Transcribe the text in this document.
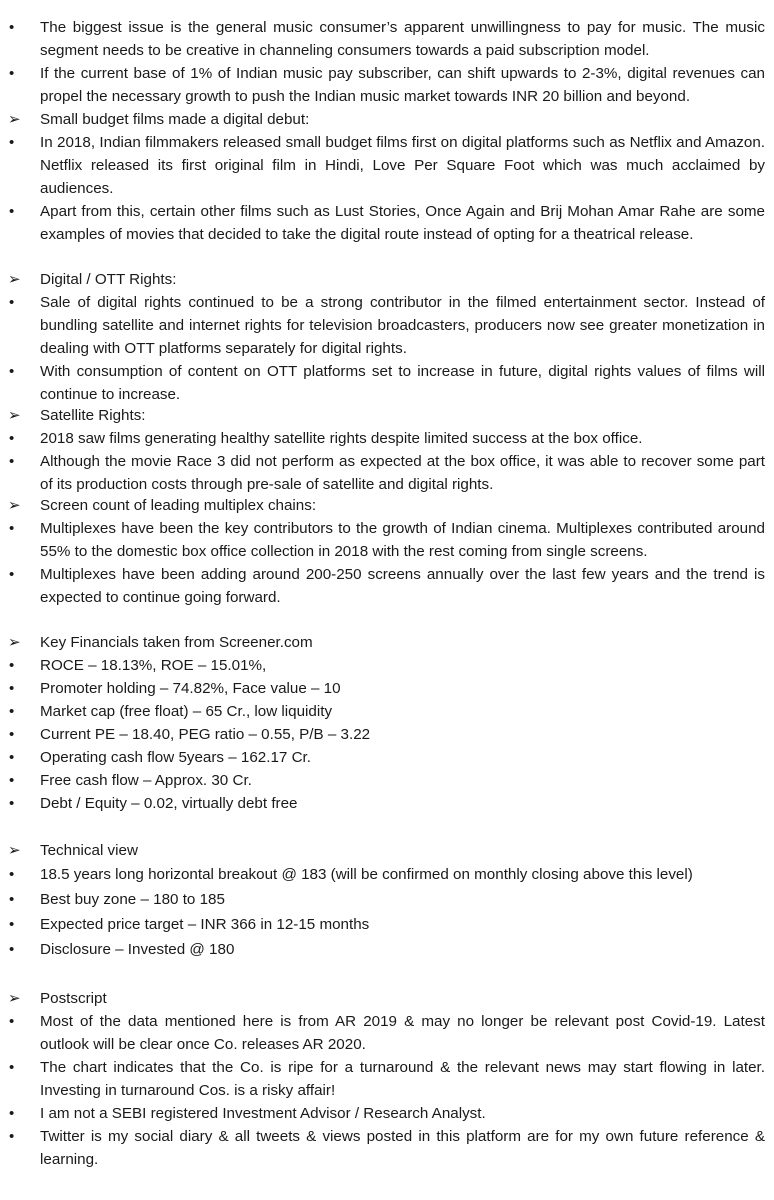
•
The biggest issue is the general music consumer’s apparent unwillingness to pay for music. The music segment needs to be creative in channeling consumers towards a paid subscription model.
•
If the current base of 1% of Indian music pay subscriber, can shift upwards to 2-3%, digital revenues can propel the necessary growth to push the Indian music market towards INR 20 billion and beyond.
➢	Small budget films made a digital debut:
•
In 2018, Indian filmmakers released small budget films first on digital platforms such as Netflix and Amazon. Netflix released its first original film in Hindi, Love Per Square Foot which was much acclaimed by audiences.
•
Apart from this, certain other films such as Lust Stories, Once Again and Brij Mohan Amar Rahe are some examples of movies that decided to take the digital route instead of opting for a theatrical release.
➢	Digital / OTT Rights:
•
Sale of digital rights continued to be a strong contributor in the filmed entertainment sector. Instead of bundling satellite and internet rights for television broadcasters, producers now see greater monetization in dealing with OTT platforms separately for digital rights.
•
With consumption of content on OTT platforms set to increase in future, digital rights values of films will continue to increase.
➢	Satellite Rights:
•
2018 saw films generating healthy satellite rights despite limited success at the box office.
•
Although the movie Race 3 did not perform as expected at the box office, it was able to recover some part of its production costs through pre-sale of satellite and digital rights.
➢	Screen count of leading multiplex chains:
•
Multiplexes have been the key contributors to the growth of Indian cinema. Multiplexes contributed around 55% to the domestic box office collection in 2018 with the rest coming from single screens.
•
Multiplexes have been adding around 200-250 screens annually over the last few years and the trend is expected to continue going forward.
➢	Key Financials taken from Screener.com
•
ROCE – 18.13%, ROE – 15.01%,
•
Promoter holding – 74.82%, Face value – 10
•
Market cap (free float) – 65 Cr., low liquidity
•
Current PE – 18.40, PEG ratio – 0.55, P/B – 3.22
•
Operating cash flow 5years – 162.17 Cr.
•
Free cash flow – Approx. 30 Cr.
•
Debt / Equity – 0.02, virtually debt free
➢	Technical view
•
18.5 years long horizontal breakout @ 183 (will be confirmed on monthly closing above this level)
•
Best buy zone – 180 to 185
•
Expected price target – INR 366 in 12-15 months
•
Disclosure – Invested @ 180
➢	Postscript
•
Most of the data mentioned here is from AR 2019 & may no longer be relevant post Covid-19. Latest outlook will be clear once Co. releases AR 2020.
•
The chart indicates that the Co. is ripe for a turnaround & the relevant news may start flowing in later. Investing in turnaround Cos. is a risky affair!
•
I am not a SEBI registered Investment Advisor / Research Analyst.
•
Twitter is my social diary & all tweets & views posted in this platform are for my own future reference & learning.
